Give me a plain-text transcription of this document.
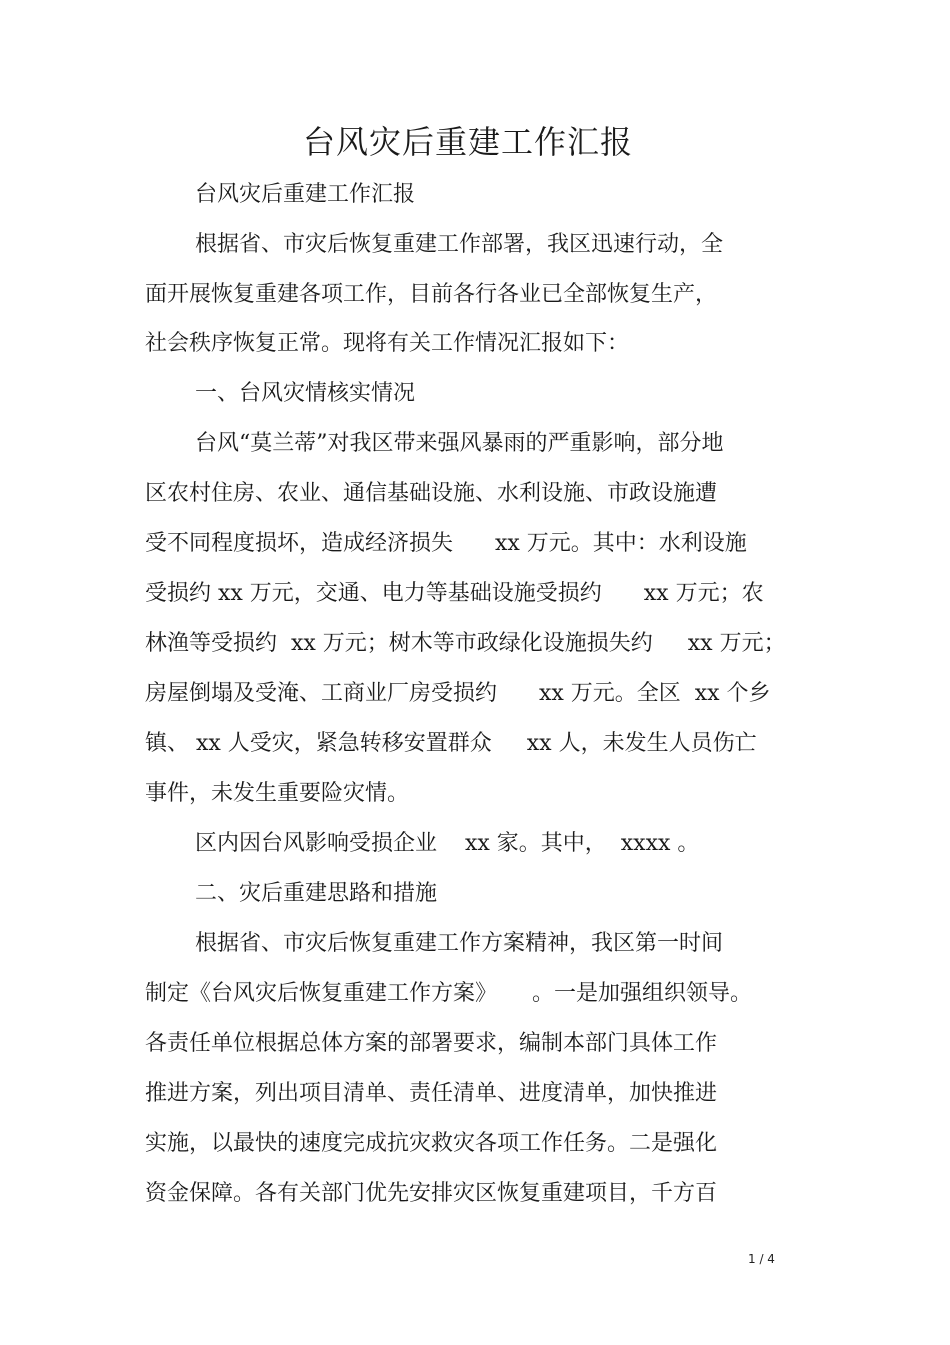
台风灾后重建工作汇报
台风灾后重建工作汇报
根据省、市灾后恢复重建工作部署，我区迅速行动，全
面开展恢复重建各项工作，目前各行各业已全部恢复生产，
社会秩序恢复正常。现将有关工作情况汇报如下：
一、台风灾情核实情况
台风“莫兰蒂”对我区带来强风暴雨的严重影响，部分地
区农村住房、农业、通信基础设施、水利设施、市政设施遭
受不同程度损坏，造成经济损失      xx 万元。其中：水利设施
受损约 xx 万元，交通、电力等基础设施受损约      xx 万元；农
林渔等受损约  xx 万元；树木等市政绿化设施损失约     xx 万元；
房屋倒塌及受淹、工商业厂房受损约      xx 万元。全区  xx 个乡
镇、 xx 人受灾，紧急转移安置群众     xx 人，未发生人员伤亡
事件，未发生重要险灾情。
区内因台风影响受损企业    xx 家。其中，  xxxx 。
二、灾后重建思路和措施
根据省、市灾后恢复重建工作方案精神，我区第一时间
制定《台风灾后恢复重建工作方案》     。一是加强组织领导。
各责任单位根据总体方案的部署要求，编制本部门具体工作
推进方案，列出项目清单、责任清单、进度清单，加快推进
实施，以最快的速度完成抗灾救灾各项工作任务。二是强化
资金保障。各有关部门优先安排灾区恢复重建项目，千方百
1 / 4
